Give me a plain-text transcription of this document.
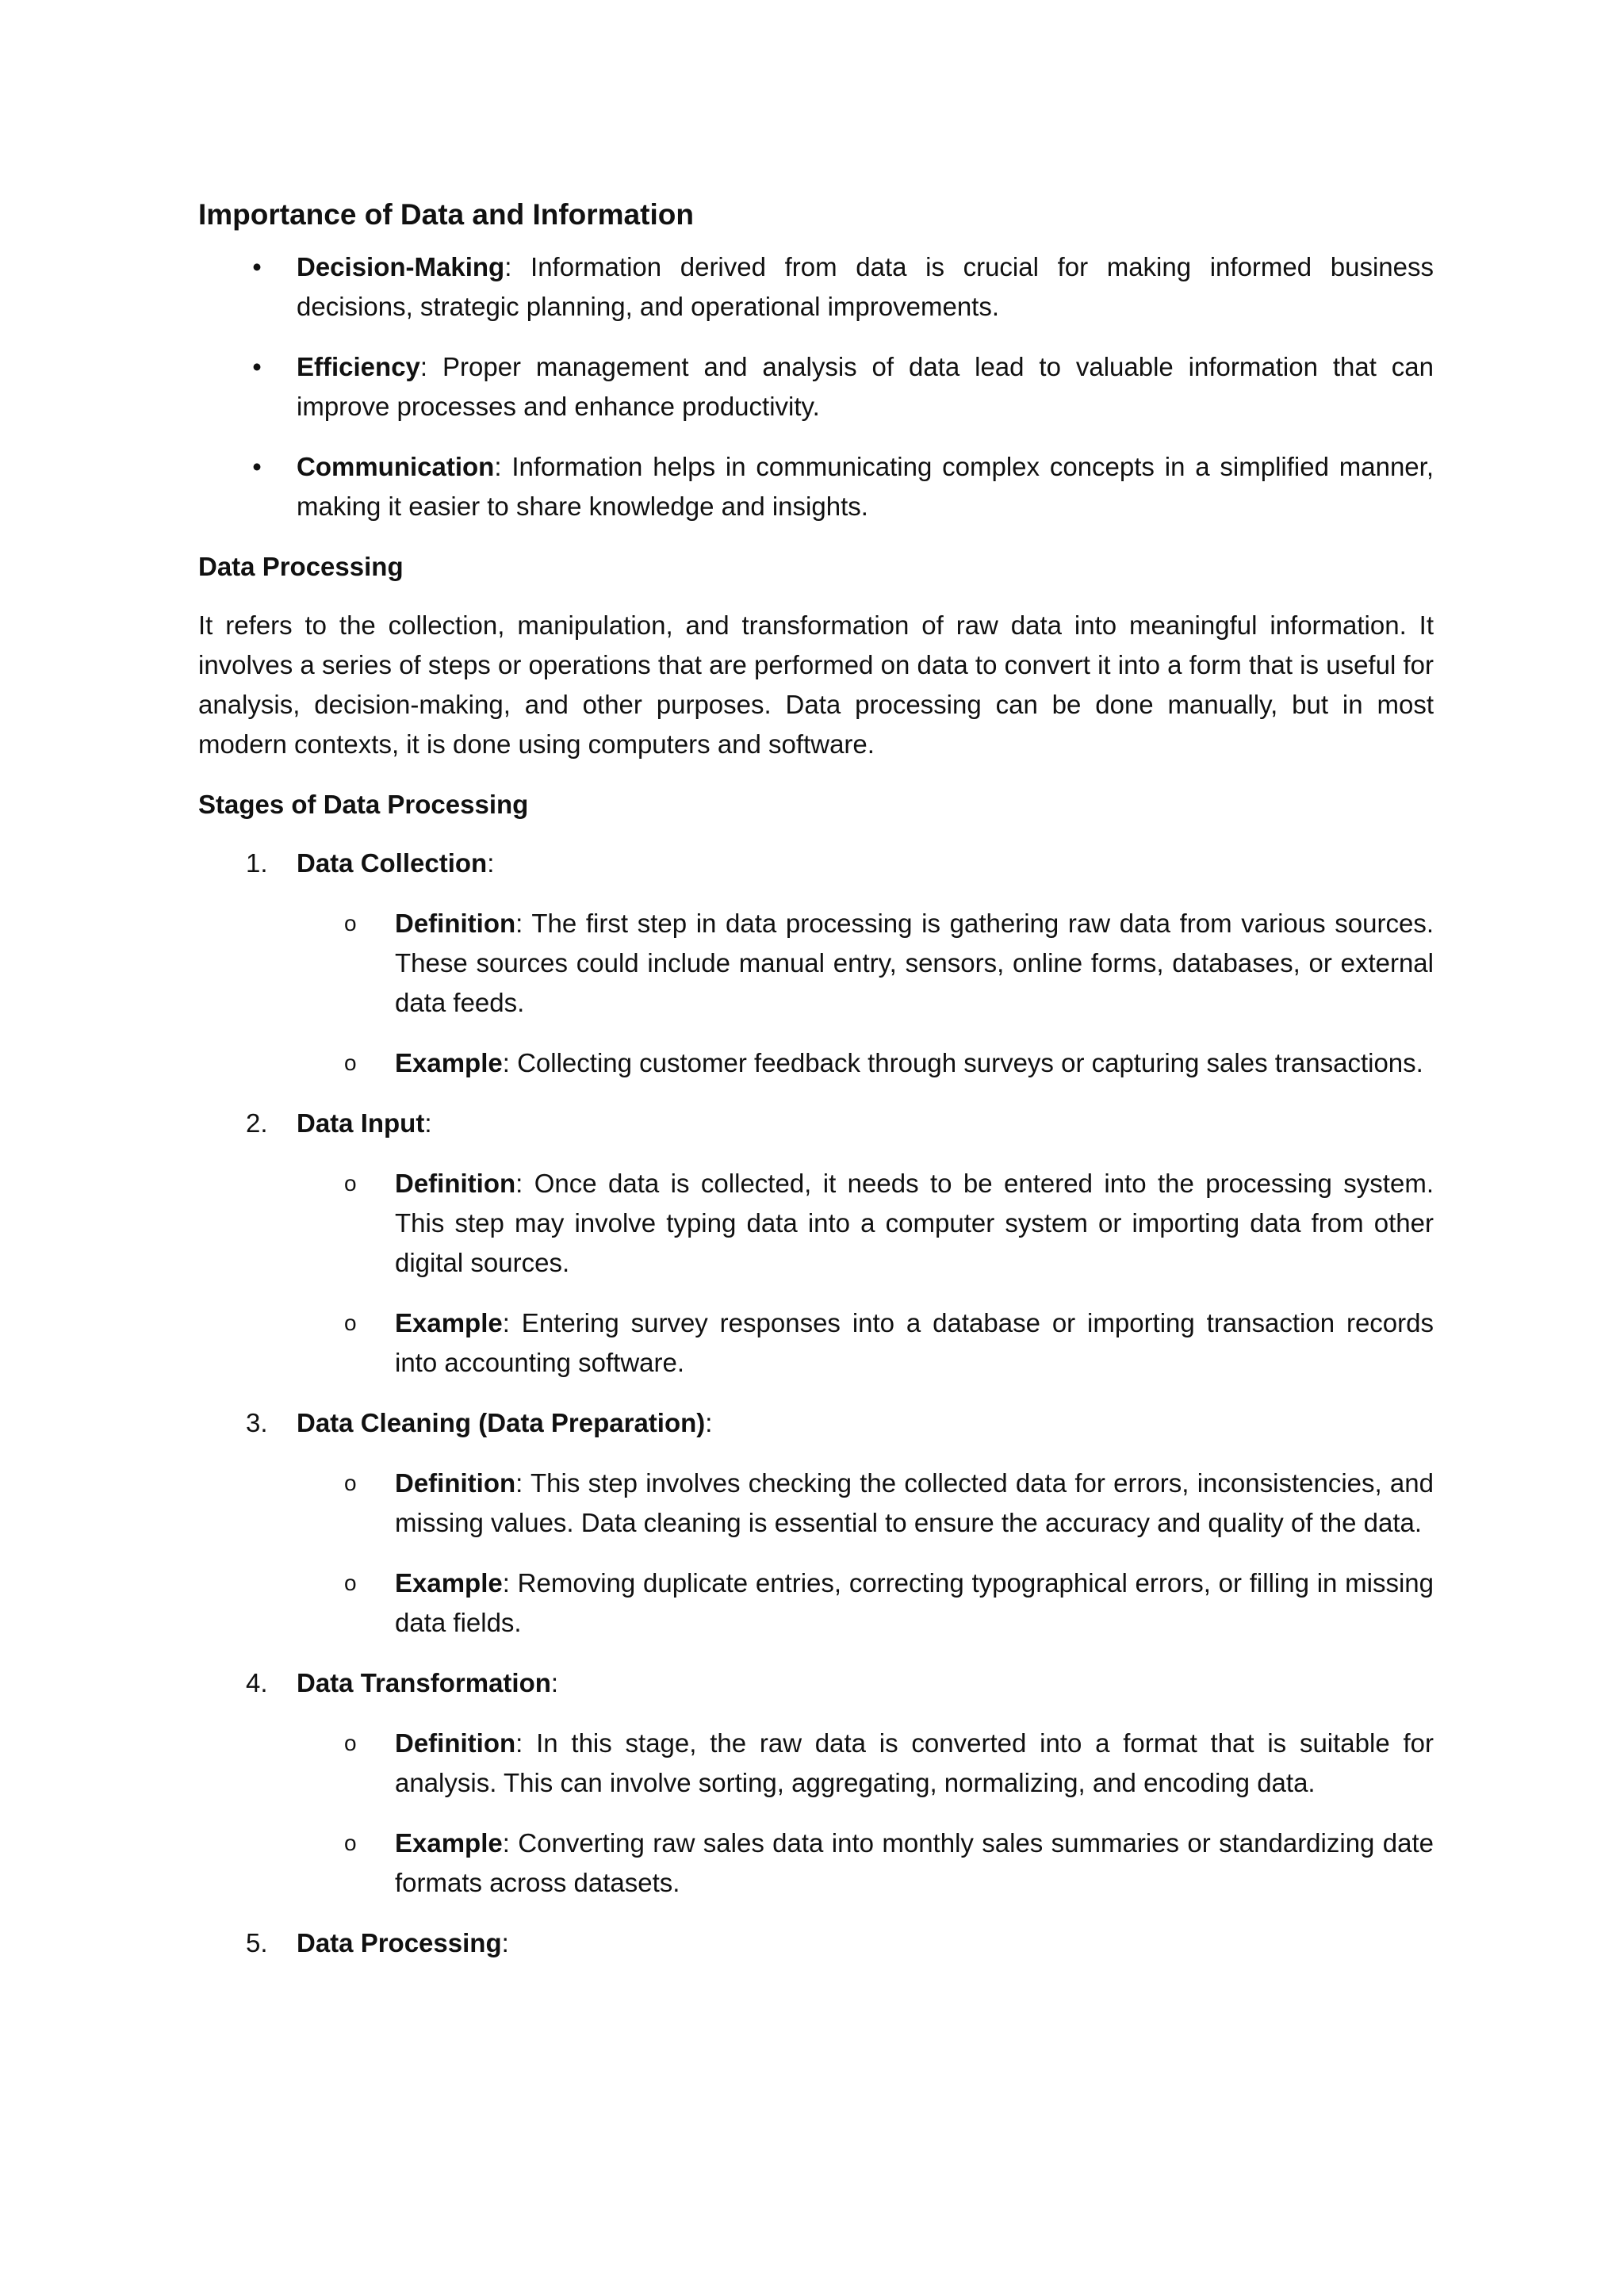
Importance of Data and Information
• Decision-Making: Information derived from data is crucial for making informed business decisions, strategic planning, and operational improvements.
• Efficiency: Proper management and analysis of data lead to valuable information that can improve processes and enhance productivity.
• Communication: Information helps in communicating complex concepts in a simplified manner, making it easier to share knowledge and insights.
Data Processing

It refers to the collection, manipulation, and transformation of raw data into meaningful information. It involves a series of steps or operations that are performed on data to convert it into a form that is useful for analysis, decision-making, and other purposes. Data processing can be done manually, but in most modern contexts, it is done using computers and software.

Stages of Data Processing
1. Data Collection:
o Definition: The first step in data processing is gathering raw data from various sources. These sources could include manual entry, sensors, online forms, databases, or external data feeds.
o Example: Collecting customer feedback through surveys or capturing sales transactions.
2. Data Input:
o Definition: Once data is collected, it needs to be entered into the processing system. This step may involve typing data into a computer system or importing data from other digital sources.
o Example: Entering survey responses into a database or importing transaction records into accounting software.
3. Data Cleaning (Data Preparation):
o Definition: This step involves checking the collected data for errors, inconsistencies, and missing values. Data cleaning is essential to ensure the accuracy and quality of the data.
o Example: Removing duplicate entries, correcting typographical errors, or filling in missing data fields.
4. Data Transformation:
o Definition: In this stage, the raw data is converted into a format that is suitable for analysis. This can involve sorting, aggregating, normalizing, and encoding data.
o Example: Converting raw sales data into monthly sales summaries or standardizing date formats across datasets.
5. Data Processing:
